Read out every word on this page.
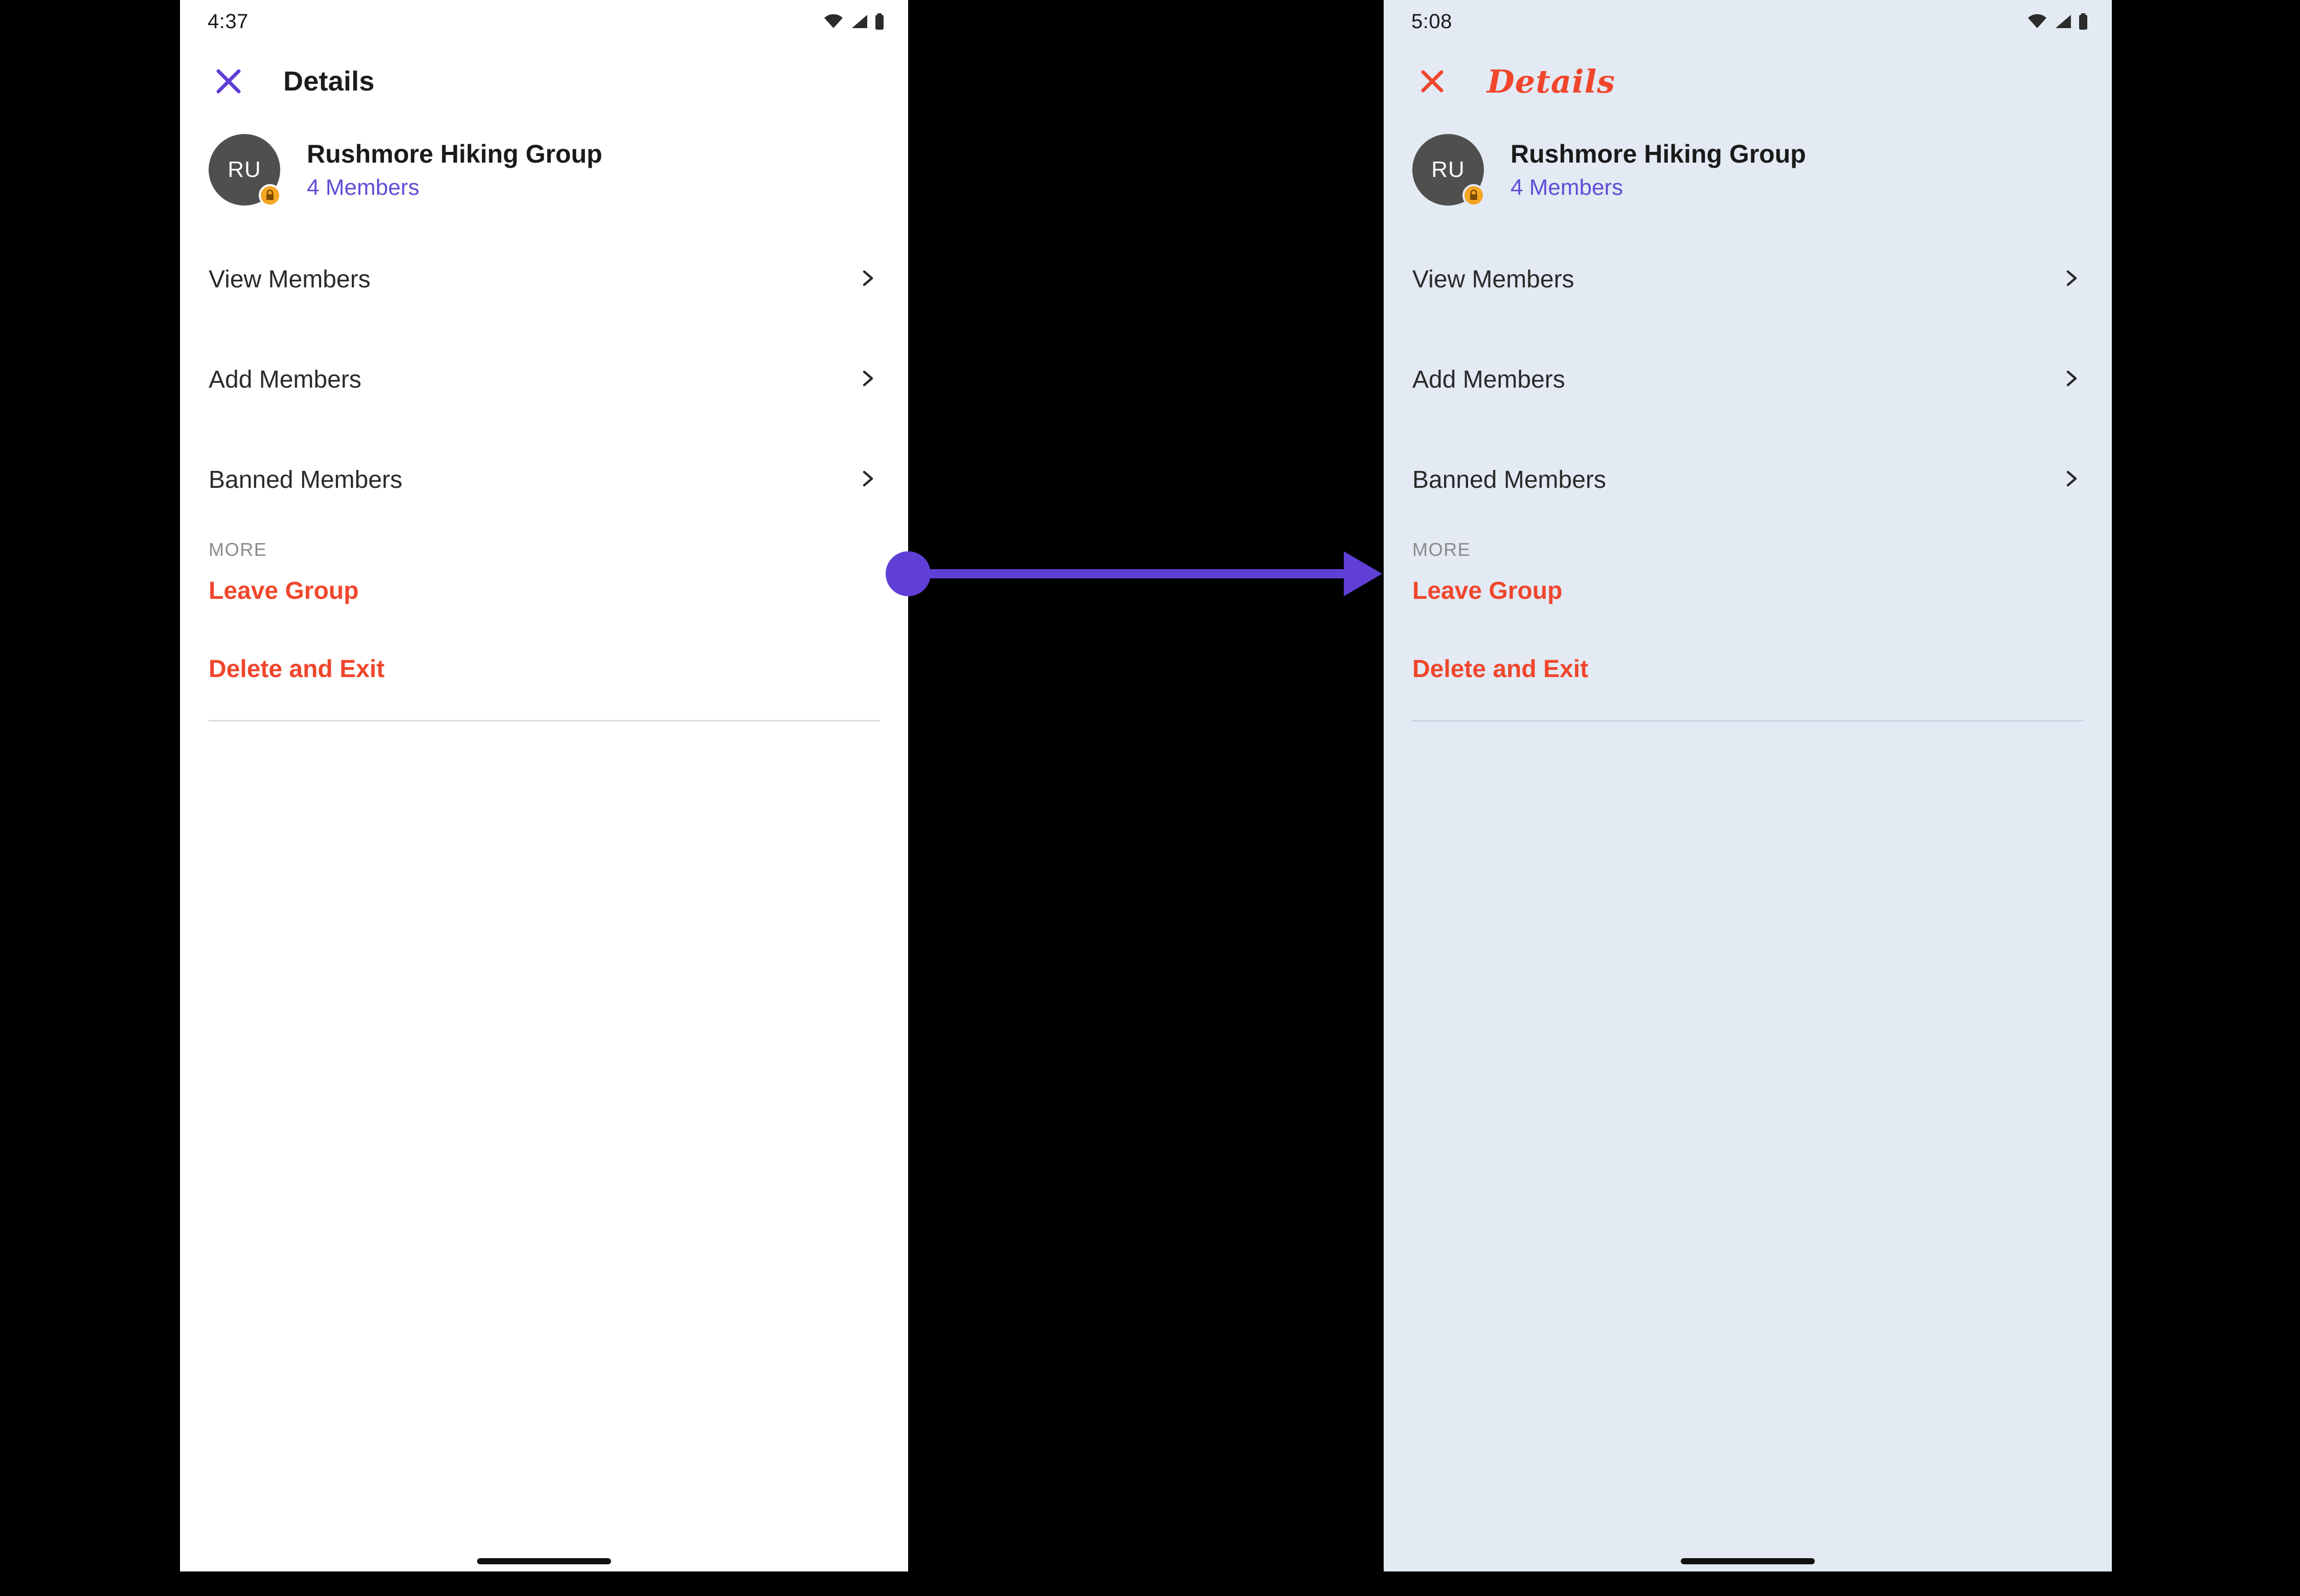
4:37
Details
RU
Rushmore Hiking Group
4 Members
View Members
Add Members
Banned Members
MORE
Leave Group
Delete and Exit
5:08
Details
RU
Rushmore Hiking Group
4 Members
View Members
Add Members
Banned Members
MORE
Leave Group
Delete and Exit
